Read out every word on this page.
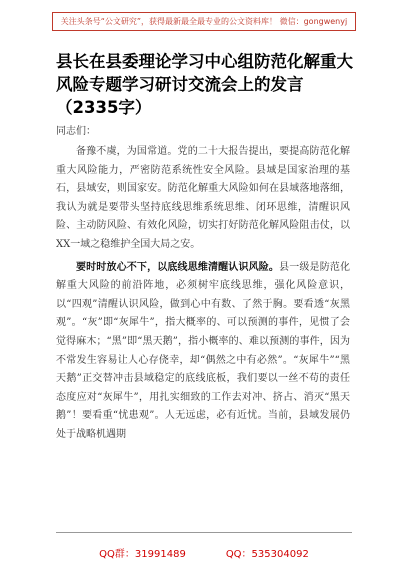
关注头条号“公文研究”，获得最新最全最专业的公文资料库！ 微信：gongwenyj
县长在县委理论学习中心组防范化解重大风险专题学习研讨交流会上的发言（2335字）
同志们：

备豫不虞，为国常道。党的二十大报告提出，要提高防范化解重大风险能力，严密防范系统性安全风险。县域是国家治理的基石，县域安，则国家安。防范化解重大风险如何在县域落地落细，我认为就是要带头坚持底线思维系统思维、闭环思维，清醒识风险、主动防风险、有效化风险，切实打好防范化解风险阻击仗，以XX一域之稳维护全国大局之安。

要时时放心不下，以底线思维清醒认识风险。县一级是防范化解重大风险的前沿阵地，必须树牢底线思维，强化风险意识，以“四观”清醒认识风险，做到心中有数、了然于胸。要看透“灰黑观”。“灰”即“灰犀牛”，指大概率的、可以预测的事件，见惯了会觉得麻木；“黑”即“黑天鹅”，指小概率的、难以预测的事件，因为不常发生容易让人心存侥幸，却“偶然之中有必然”。“灰犀牛”“黑天鹅”正交替冲击县域稳定的底线底板，我们要以一丝不苟的责任态度应对“灰犀牛”，用扎实细致的工作去对冲、挤占、消灭“黑天鹅”！要看重“忧患观”。人无远虑，必有近忧。当前，县域发展仍处于战略机遇期

QQ群：31991489	QQ：535304092
